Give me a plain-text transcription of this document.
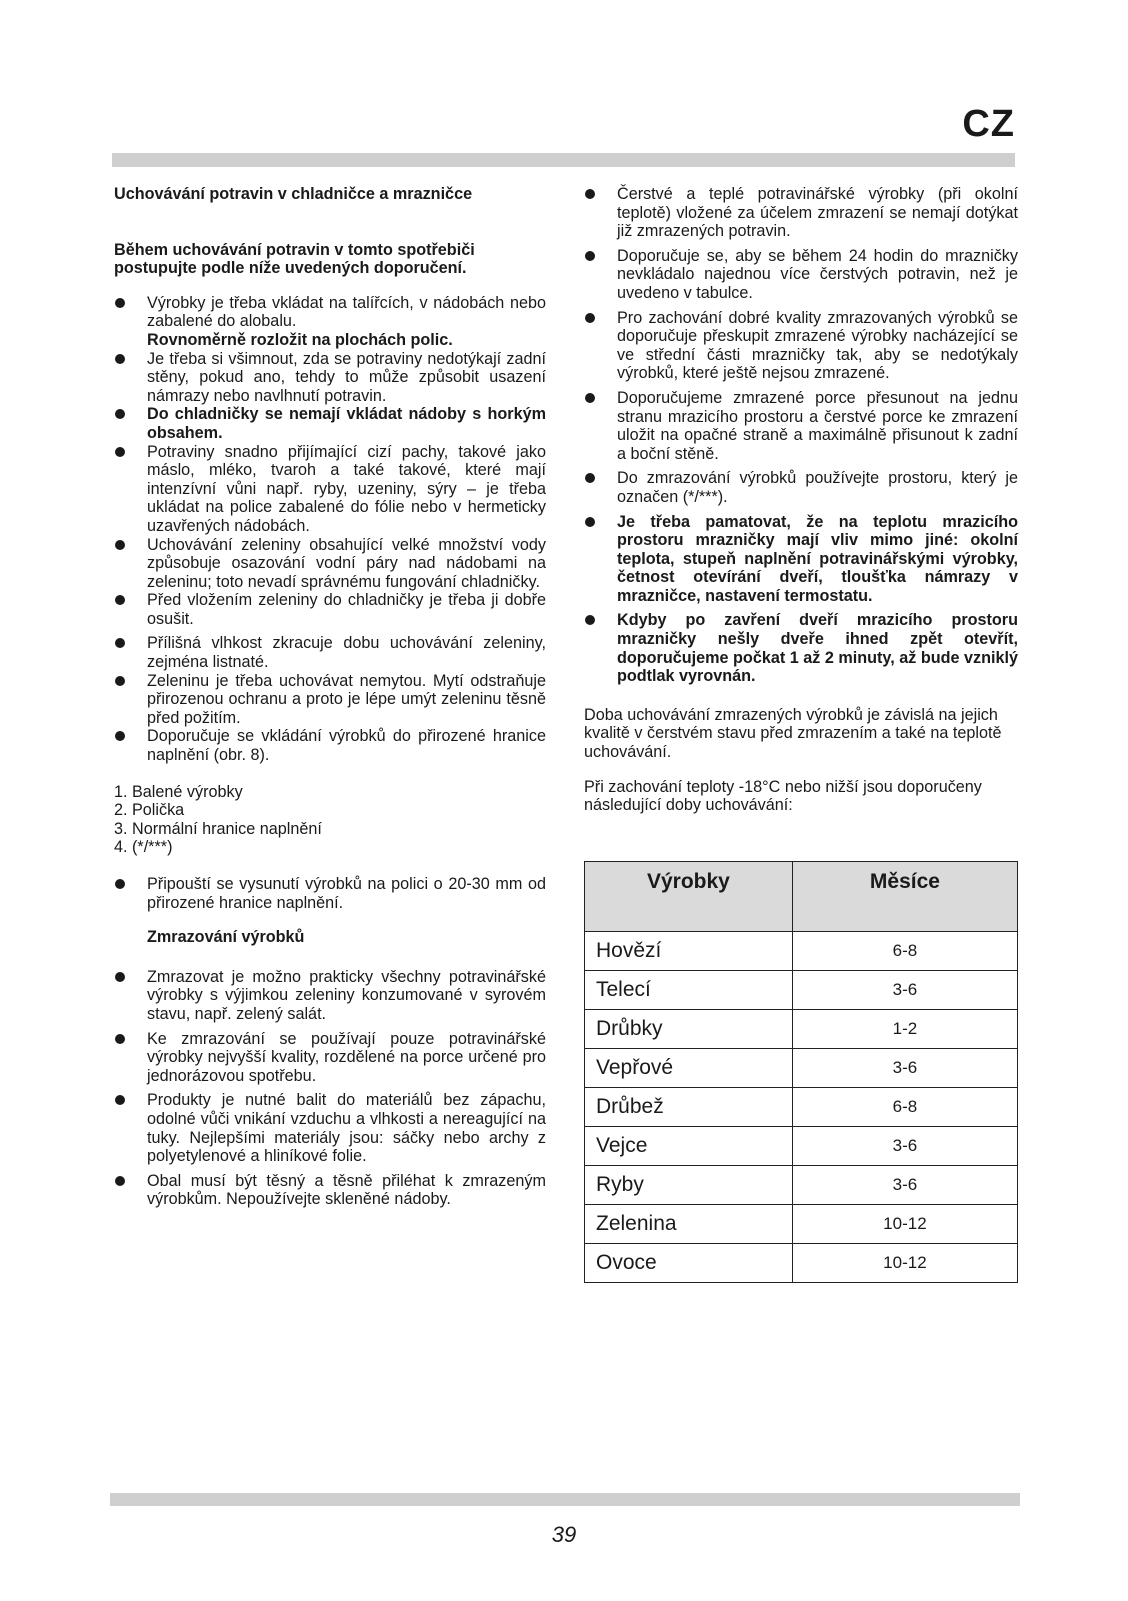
CZ

Uchovávání potravin v chladničce a mrazničce

Během uchovávání potravin v tomto spotřebiči postupujte podle níže uvedených doporučení.

Výrobky je třeba vkládat na talířcích, v nádobách nebo zabalené do alobalu.
Rovnoměrně rozložit na plochách polic.
Je třeba si všimnout, zda se potraviny nedotýkají zadní stěny, pokud ano, tehdy to může způsobit usazení námrazy nebo navlhnutí potravin.
Do chladničky se nemají vkládat nádoby s horkým obsahem.
Potraviny snadno přijímající cizí pachy, takové jako máslo, mléko, tvaroh a také takové, které mají intenzívní vůni např. ryby, uzeniny, sýry – je třeba ukládat na police zabalené do fólie nebo v hermeticky uzavřených nádobách.
Uchovávání zeleniny obsahující velké množství vody způsobuje osazování vodní páry nad nádobami na zeleninu; toto nevadí správnému fungování chladničky.
Před vložením zeleniny do chladničky je třeba ji dobře osušit.
Přílišná vlhkost zkracuje dobu uchovávání zeleniny, zejména listnaté.
Zeleninu je třeba uchovávat nemytou. Mytí odstraňuje přirozenou ochranu a proto je lépe umýt zeleninu těsně před požitím.
Doporučuje se vkládání výrobků do přirozené hranice naplnění (obr. 8).
1. Balené výrobky
2. Polička
3. Normální hranice naplnění
4. (*/***)
Připouští se vysunutí výrobků na polici o 20-30 mm od přirozené hranice naplnění.

Zmrazování výrobků

Zmrazovat je možno prakticky všechny potravinářské výrobky s výjimkou zeleniny konzumované v syrovém stavu, např. zelený salát.
Ke zmrazování se používají pouze potravinářské výrobky nejvyšší kvality, rozdělené na porce určené pro jednorázovou spotřebu.
Produkty je nutné balit do materiálů bez zápachu, odolné vůči vnikání vzduchu a vlhkosti a nereagující na tuky. Nejlepšími materiály jsou: sáčky nebo archy z polyetylenové a hliníkové folie.
Obal musí být těsný a těsně přiléhat k zmrazeným výrobkům. Nepoužívejte skleněné nádoby.
Čerstvé a teplé potravinářské výrobky (při okolní teplotě) vložené za účelem zmrazení se nemají dotýkat již zmrazených potravin.
Doporučuje se, aby se během 24 hodin do mrazničky nevkládalo najednou více čerstvých potravin, než je uvedeno v tabulce.
Pro zachování dobré kvality zmrazovaných výrobků se doporučuje přeskupit zmrazené výrobky nacházející se ve střední části mrazničky tak, aby se nedotýkaly výrobků, které ještě nejsou zmrazené.
Doporučujeme zmrazené porce přesunout na jednu stranu mrazicího prostoru a čerstvé porce ke zmrazení uložit na opačné straně a maximálně přisunout k zadní a boční stěně.
Do zmrazování výrobků používejte prostoru, který je označen (*/***).
Je třeba pamatovat, že na teplotu mrazicího prostoru mrazničky mají vliv mimo jiné: okolní teplota, stupeň naplnění potravinářskými výrobky, četnost otevírání dveří, tloušťka námrazy v mrazničce, nastavení termostatu.
Kdyby po zavření dveří mrazicího prostoru mrazničky nešly dveře ihned zpět otevřít, doporučujeme počkat 1 až 2 minuty, až bude vzniklý podtlak vyrovnán.

Doba uchovávání zmrazených výrobků je závislá na jejich kvalitě v čerstvém stavu před zmrazením a také na teplotě uchovávání.

Při zachování teploty -18°C nebo nižší jsou doporučeny následující doby uchovávání:

Výrobky	Měsíce
Hovězí	6-8
Telecí	3-6
Drůbky	1-2
Vepřové	3-6
Drůbež	6-8
Vejce	3-6
Ryby	3-6
Zelenina	10-12
Ovoce	10-12
39
